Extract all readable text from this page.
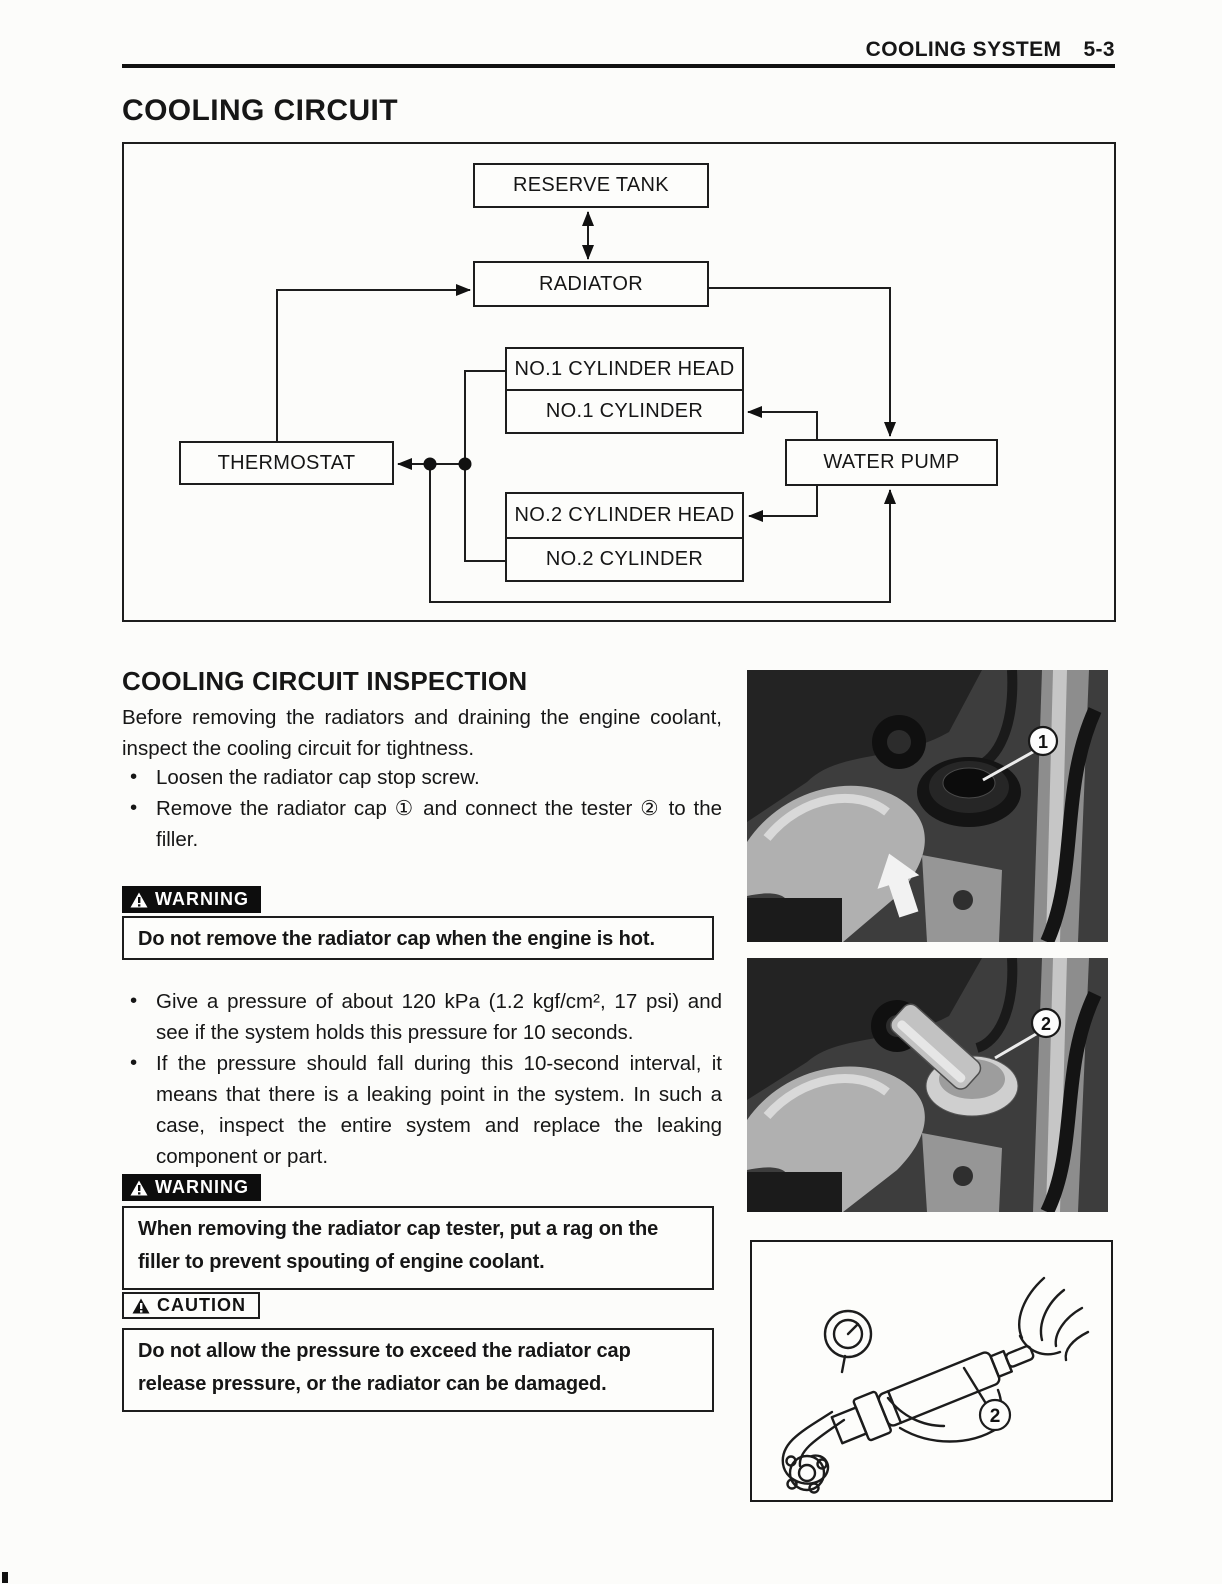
COOLING SYSTEM 5-3
COOLING CIRCUIT
RESERVE TANK
RADIATOR
NO.1 CYLINDER HEAD
NO.1 CYLINDER
THERMOSTAT	WATER PUMP
NO.2 CYLINDER HEAD
NO.2 CYLINDER
COOLING CIRCUIT INSPECTION
Before removing the radiators and draining the engine coolant, inspect the cooling circuit for tightness.
• Loosen the radiator cap stop screw.
• Remove the radiator cap ① and connect the tester ② to the filler.
WARNING
Do not remove the radiator cap when the engine is hot.
• Give a pressure of about 120 kPa (1.2 kgf/cm², 17 psi) and see if the system holds this pressure for 10 seconds.
• If the pressure should fall during this 10-second interval, it means that there is a leaking point in the system. In such a case, inspect the entire system and replace the leaking component or part.
WARNING
When removing the radiator cap tester, put a rag on the filler to prevent spouting of engine coolant.
CAUTION
Do not allow the pressure to exceed the radiator cap release pressure, or the radiator can be damaged.
1
2
2
